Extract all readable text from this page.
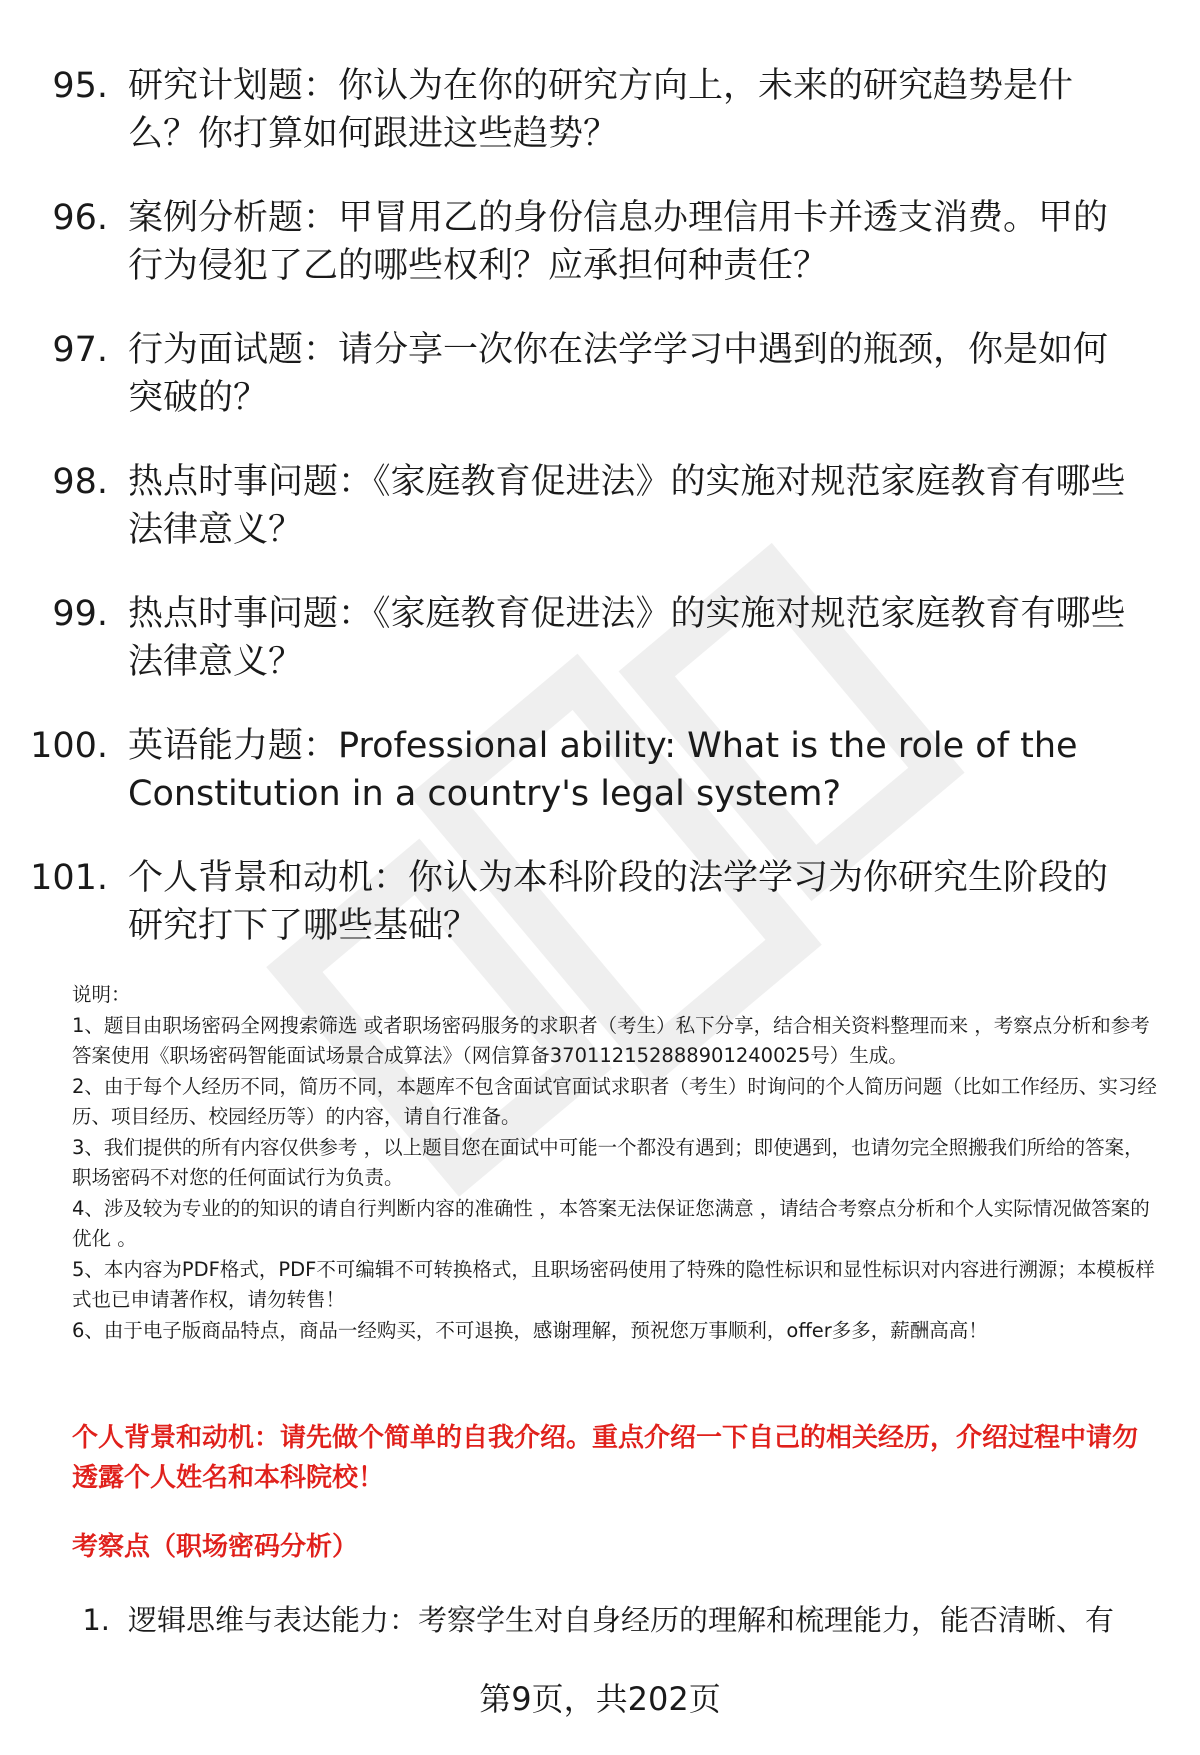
95. 研究计划题：你认为在你的研究方向上，未来的研究趋势是什么？你打算如何跟进这些趋势？
96. 案例分析题：甲冒用乙的身份信息办理信用卡并透支消费。甲的行为侵犯了乙的哪些权利？应承担何种责任？
97. 行为面试题：请分享一次你在法学学习中遇到的瓶颈，你是如何突破的？
98. 热点时事问题：《家庭教育促进法》的实施对规范家庭教育有哪些法律意义？
99. 热点时事问题：《家庭教育促进法》的实施对规范家庭教育有哪些法律意义？
100. 英语能力题：Professional ability: What is the role of the Constitution in a country's legal system?
101. 个人背景和动机：你认为本科阶段的法学学习为你研究生阶段的研究打下了哪些基础？

说明：

1、题目由职场密码全网搜索筛选 或者职场密码服务的求职者（考生）私下分享，结合相关资料整理而来 ，考察点分析和参考答案使用《职场密码智能面试场景合成算法》（网信算备370112152888901240025号）生成。

2、由于每个人经历不同，简历不同，本题库不包含面试官面试求职者（考生）时询问的个人简历问题（比如工作经历、实习经历、项目经历、校园经历等）的内容，请自行准备。

3、我们提供的所有内容仅供参考 ，以上题目您在面试中可能一个都没有遇到；即使遇到，也请勿完全照搬我们所给的答案，职场密码不对您的任何面试行为负责。

4、涉及较为专业的的知识的请自行判断内容的准确性 ，本答案无法保证您满意 ，请结合考察点分析和个人实际情况做答案的优化 。

5、本内容为PDF格式，PDF不可编辑不可转换格式，且职场密码使用了特殊的隐性标识和显性标识对内容进行溯源；本模板样式也已申请著作权，请勿转售！

6、由于电子版商品特点，商品一经购买，不可退换，感谢理解，预祝您万事顺利，offer多多，薪酬高高！

个人背景和动机：请先做个简单的自我介绍。重点介绍一下自己的相关经历，介绍过程中请勿透露个人姓名和本科院校！
考察点（职场密码分析）
1. 逻辑思维与表达能力：考察学生对自身经历的理解和梳理能力，能否清晰、有
第9页，共202页
